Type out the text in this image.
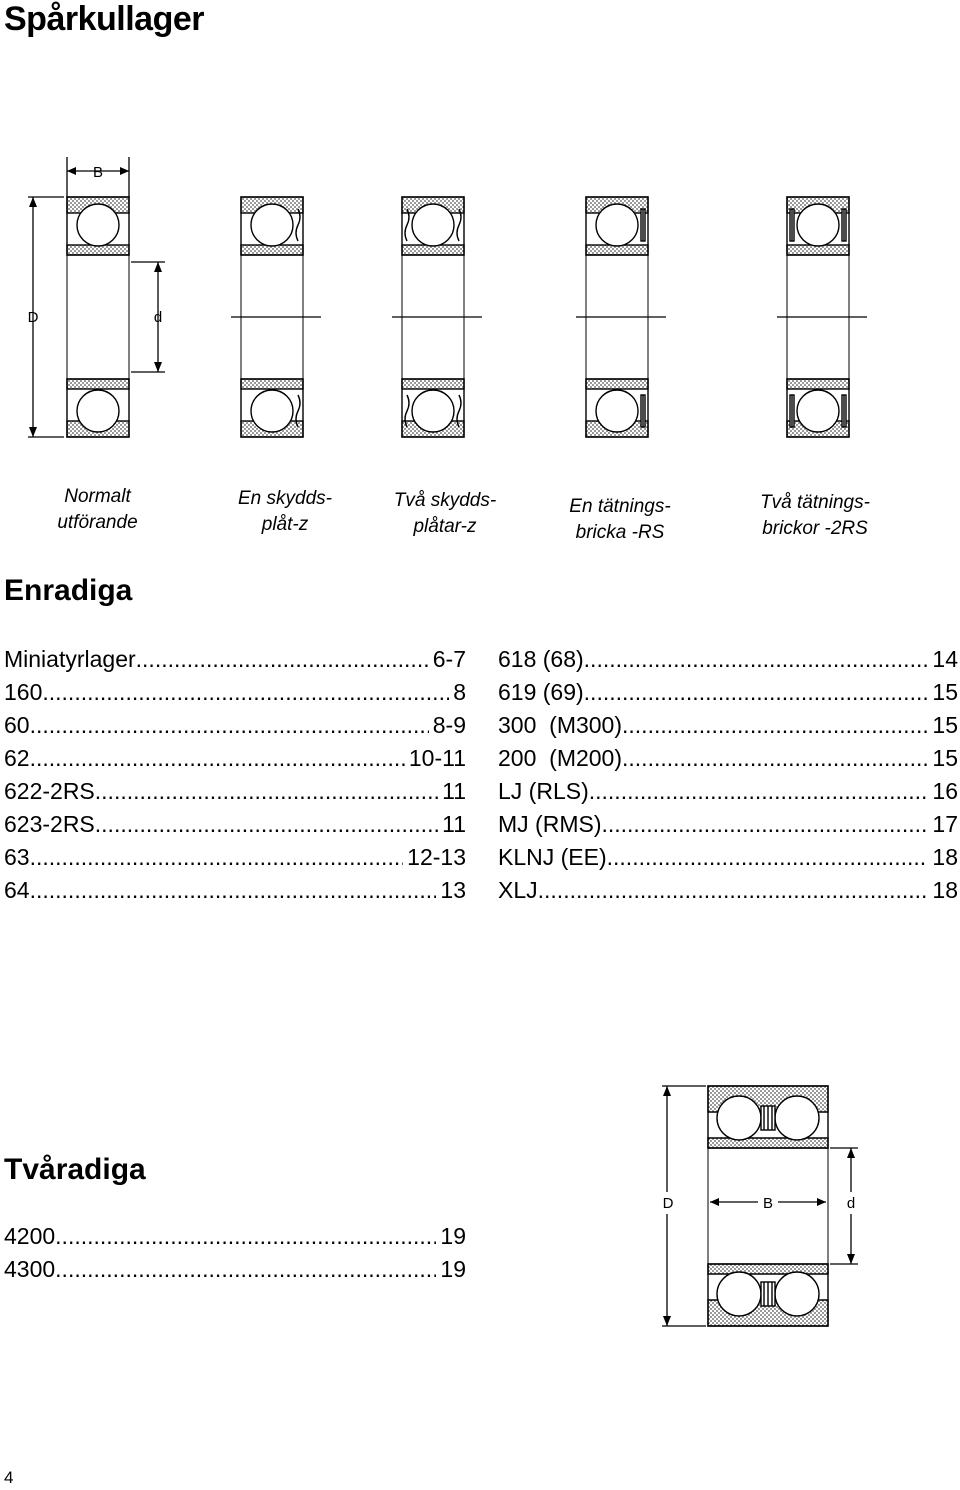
Spårkullager
B
D	d
Normalt
utförande
En skydds-
plåt-z
Två skydds-
plåtar-z
En tätnings-
bricka -RS
Två tätnings-
brickor -2RS
Enradiga
Miniatyrlager .....	6-7
160 .....	8
60 .....	8-9
62 .....	10-11
622-2RS .....	11
623-2RS .....	11
63 .....	12-13
64 .....	13
618 (68) .....	14
619 (69) .....	15
300  (M300) .....	15
200  (M200) .....	15
LJ (RLS) .....	16
MJ (RMS) .....	17
KLNJ (EE) .....	18
XLJ .....	18
D	B	d
Tvåradiga
4200 .....	19
4300 .....	19
4
